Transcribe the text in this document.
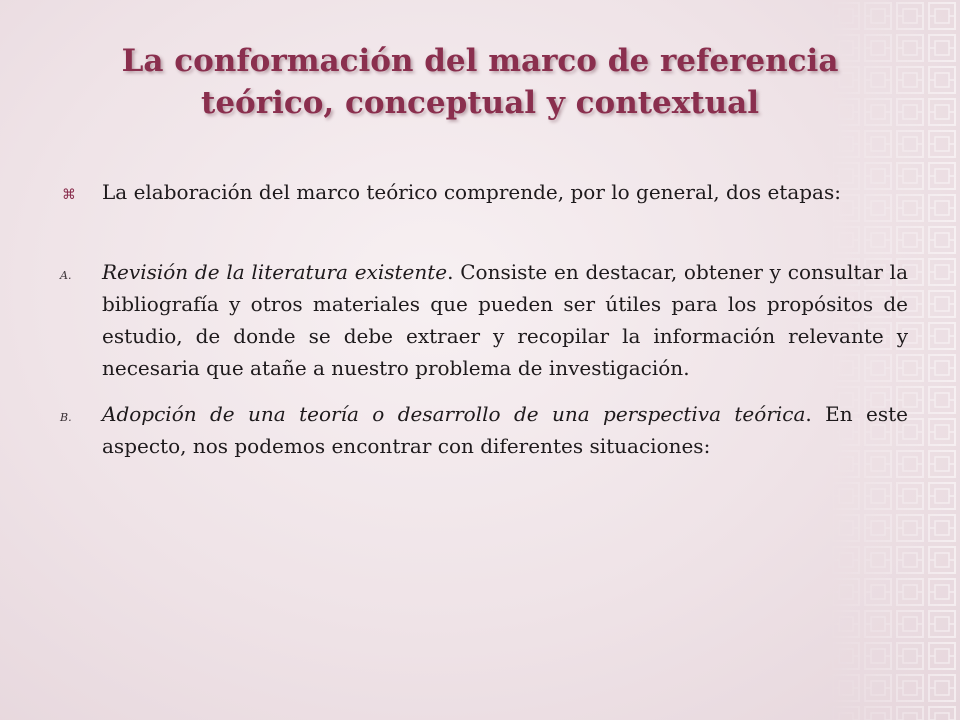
La conformación del marco de referencia
teórico, conceptual y contextual
⌘	La elaboración del marco teórico comprende, por lo general, dos etapas:
A.	Revisión de la literatura existente. Consiste en destacar, obtener y consultar la bibliografía y otros materiales que pueden ser útiles para los propósitos de estudio, de donde se debe extraer y recopilar la información relevante y necesaria que atañe a nuestro problema de investigación.
B.	Adopción de una teoría o desarrollo de una perspectiva teórica. En este aspecto, nos podemos encontrar con diferentes situaciones:
